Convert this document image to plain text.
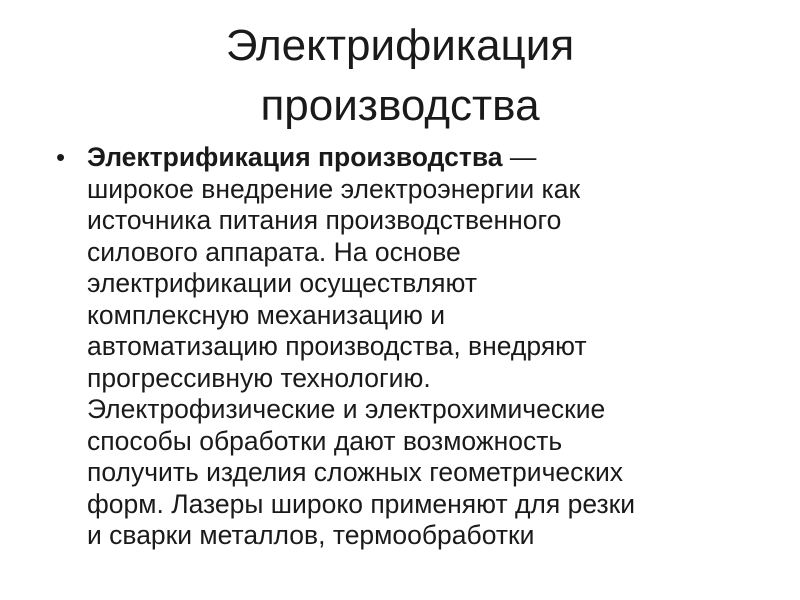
Электрификация
производства
• Электрификация производства —
широкое внедрение электроэнергии как
источника питания производственного
силового аппарата. На основе
электрификации осуществляют
комплексную механизацию и
автоматизацию производства, внедряют
прогрессивную технологию.
Электрофизические и электрохимические
способы обработки дают возможность
получить изделия сложных геометрических
форм. Лазеры широко применяют для резки
и сварки металлов, термообработки
